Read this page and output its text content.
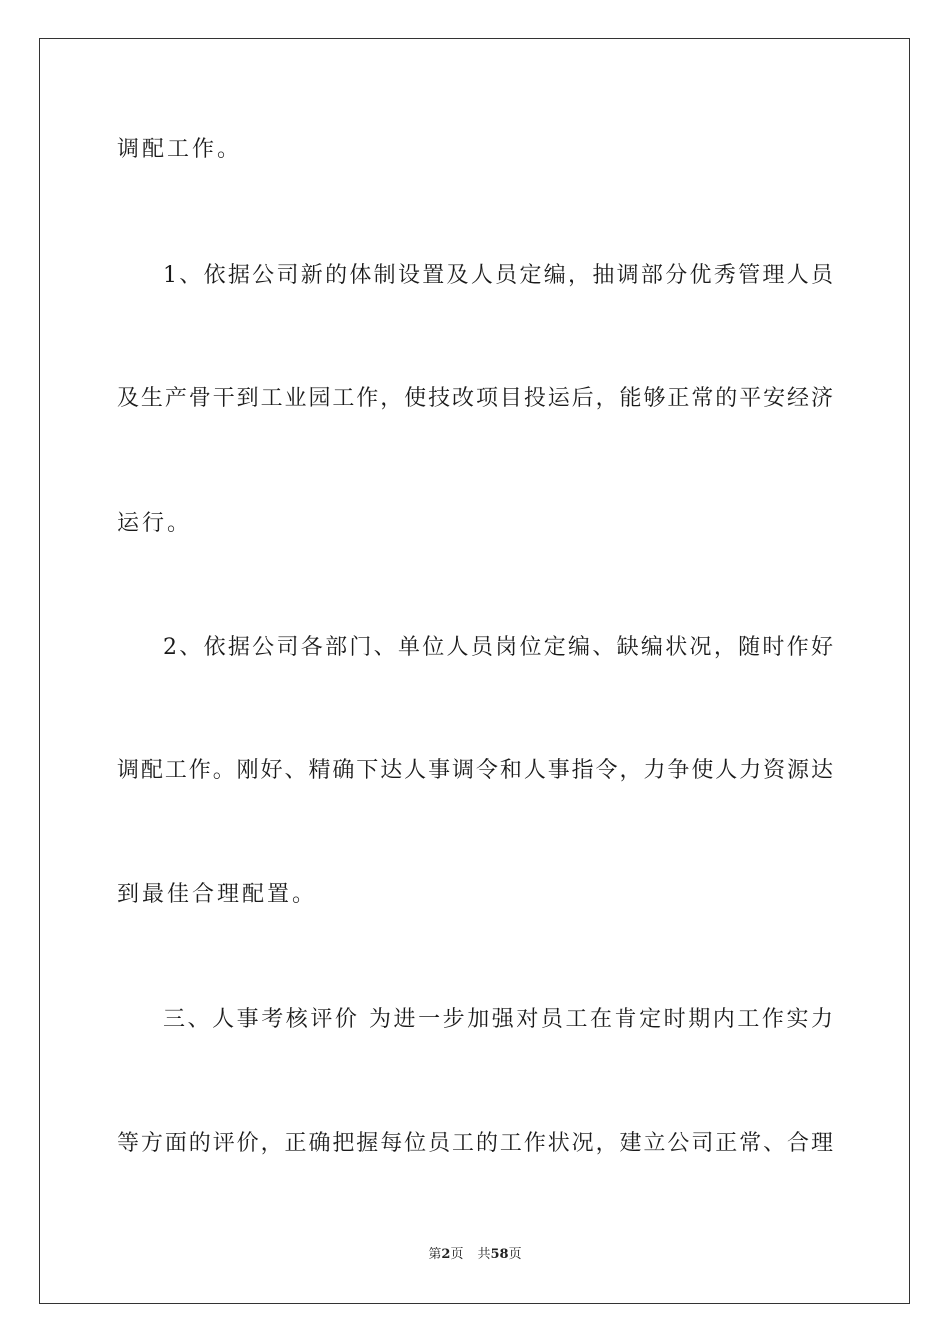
调配工作。
1、依据公司新的体制设置及人员定编，抽调部分优秀管理人员
及生产骨干到工业园工作，使技改项目投运后，能够正常的平安经济
运行。
2、依据公司各部门、单位人员岗位定编、缺编状况，随时作好
调配工作。刚好、精确下达人事调令和人事指令，力争使人力资源达
到最佳合理配置。
三、人事考核评价 为进一步加强对员工在肯定时期内工作实力
等方面的评价，正确把握每位员工的工作状况，建立公司正常、合理
第2页 共58页
